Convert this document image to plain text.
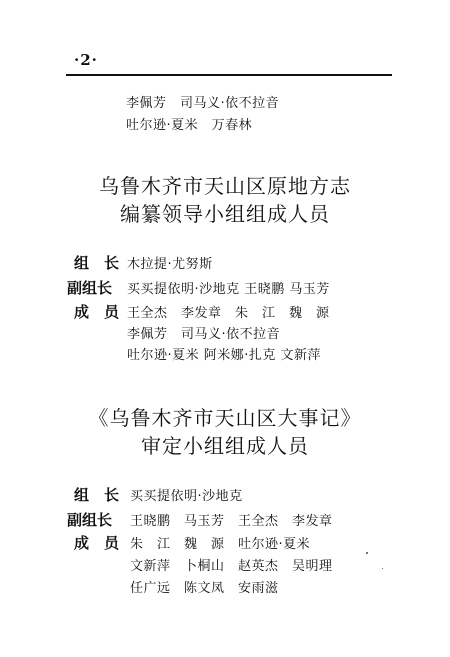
·2·
李佩芳　司马义·依不拉音
吐尔逊·夏米　万春林
乌鲁木齐市天山区原地方志
编纂领导小组组成人员
组　长 木拉提·尤努斯
副组长 买买提依明·沙地克 王晓鹏 马玉芳
成　员 王全杰　李发章　朱　江　魏　源
李佩芳　司马义·依不拉音
吐尔逊·夏米 阿米娜·扎克 文新萍
《乌鲁木齐市天山区大事记》
审定小组组成人员
组　长 买买提依明·沙地克
副组长 王晓鹏　马玉芳　王全杰　李发章
成　员 朱　江　魏　源　吐尔逊·夏米
文新萍　卜桐山　赵英杰　吴明理
任广远　陈文凤　安雨滋
